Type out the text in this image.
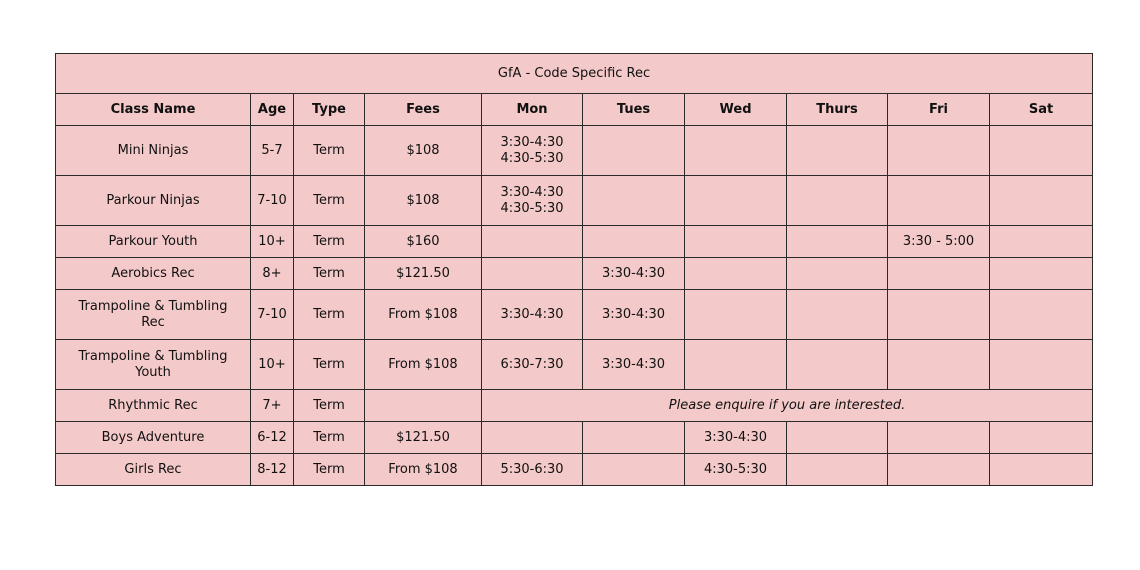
GfA - Code Specific Rec									
Class Name	Age	Type	Fees	Mon	Tues	Wed	Thurs	Fri	Sat

Mini Ninjas	5-7	Term	$108	3:30-4:30
4:30-5:30					

Parkour Ninjas	7-10	Term	$108	3:30-4:30
4:30-5:30					

Parkour Youth	10+	Term	$160					3:30 - 5:00	

Aerobics Rec	8+	Term	$121.50		3:30-4:30				

Trampoline & Tumbling
Rec	7-10	Term	From $108	3:30-4:30	3:30-4:30				

Trampoline & Tumbling
Youth	10+	Term	From $108	6:30-7:30	3:30-4:30				

Rhythmic Rec	7+	Term		Please enquire if you are interested.					

Boys Adventure	6-12	Term	$121.50			3:30-4:30			

Girls Rec	8-12	Term	From $108	5:30-6:30		4:30-5:30			
